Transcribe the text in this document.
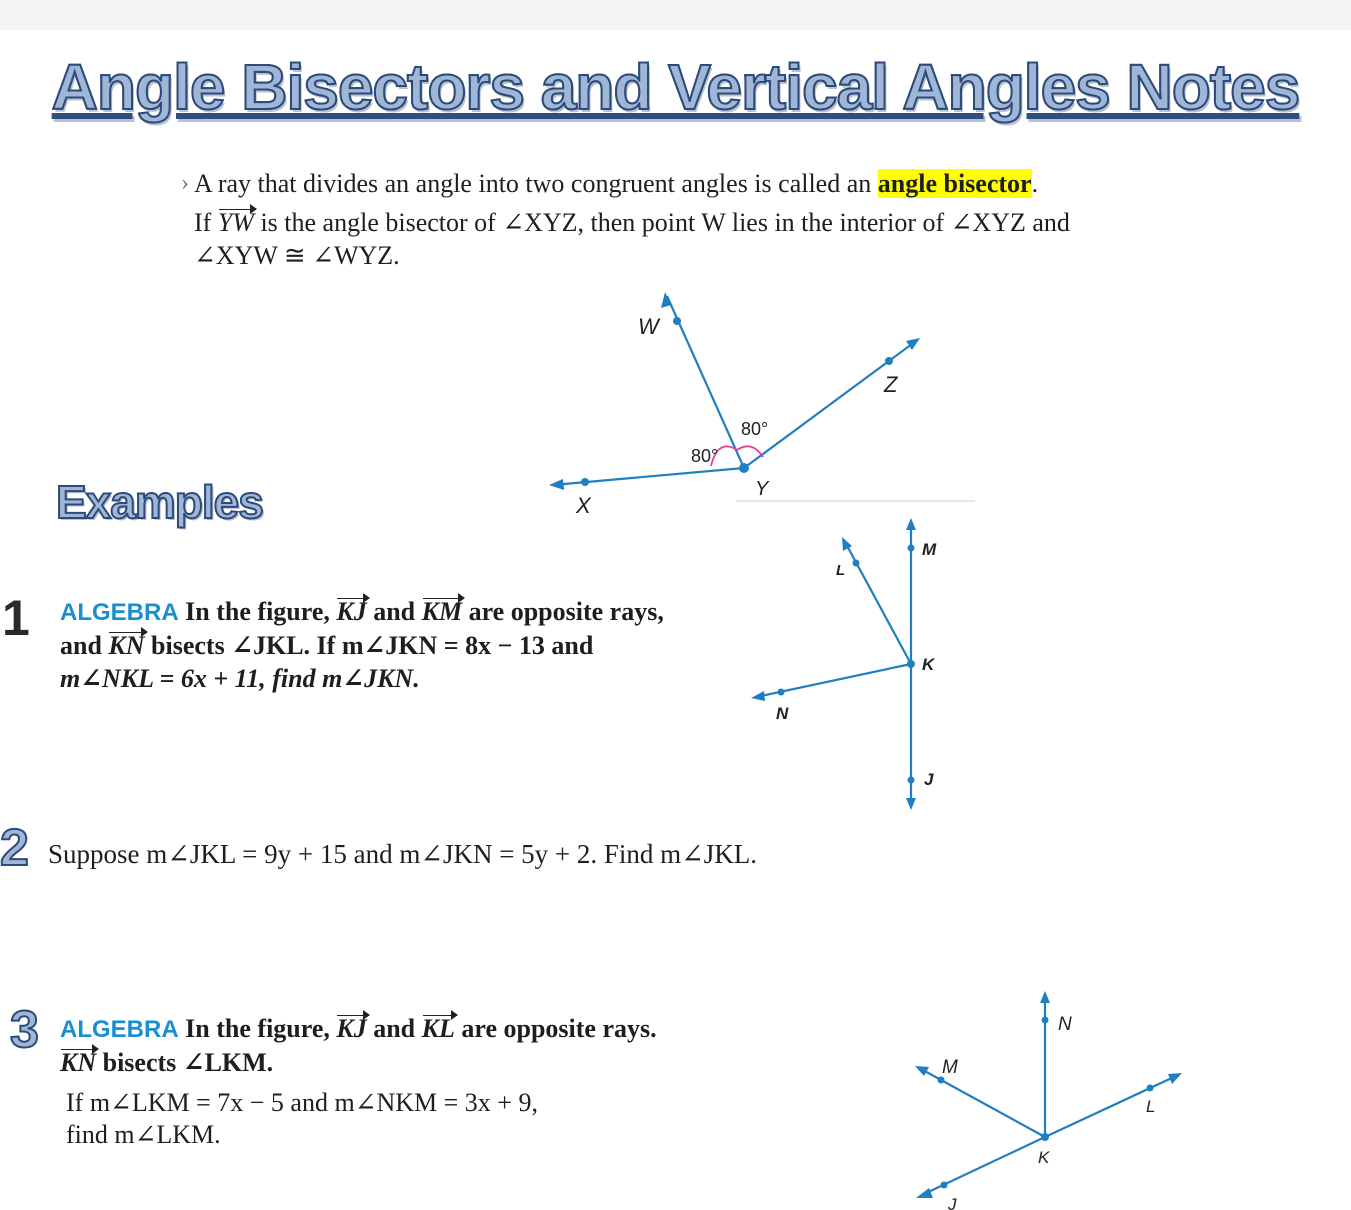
Angle Bisectors and Vertical Angles Notes
› A ray that divides an angle into two congruent angles is called an angle bisector.
If YW is the angle bisector of ∠XYZ, then point W lies in the interior of ∠XYZ and
∠XYW ≅ ∠WYZ.
W
Z
X
Y
80°
80°
Examples
1 ALGEBRA In the figure, KJ and KM are opposite rays,
and KN bisects ∠JKL. If m∠JKN = 8x − 13 and
m∠NKL = 6x + 11, find m∠JKN.
M
L
K
N
J
2 Suppose m∠JKL = 9y + 15 and m∠JKN = 5y + 2. Find m∠JKL.
3 ALGEBRA In the figure, KJ and KL are opposite rays.
KN bisects ∠LKM.
If m∠LKM = 7x − 5 and m∠NKM = 3x + 9,
find m∠LKM.
N
M
L
K
J
